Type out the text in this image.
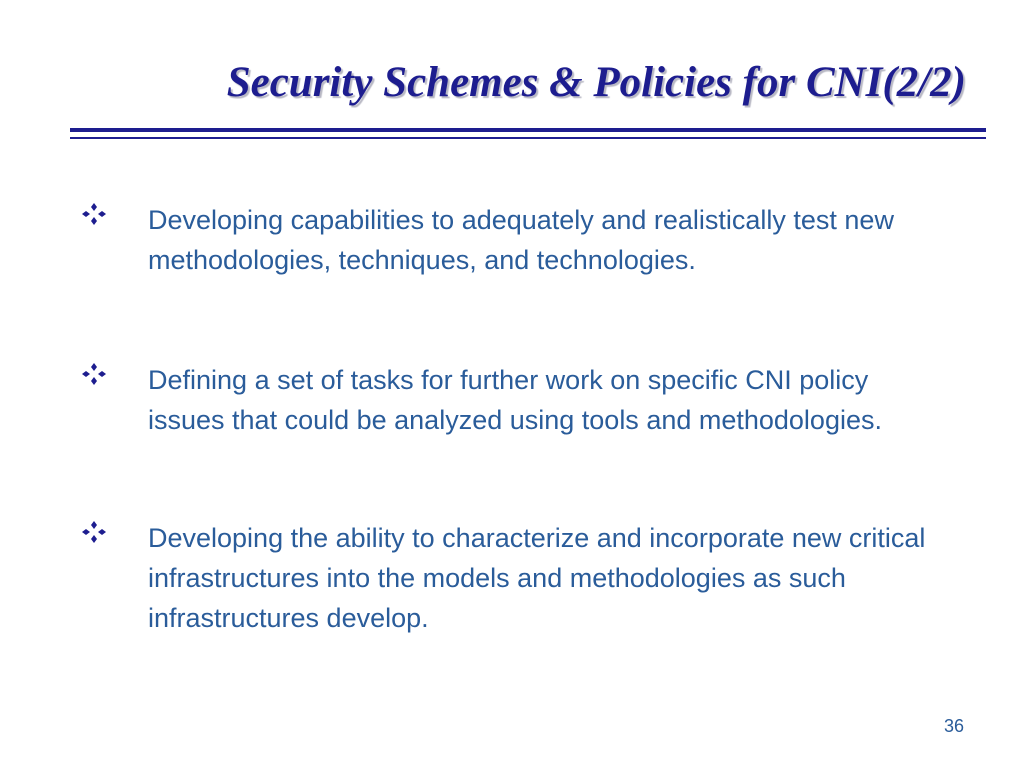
Security Schemes & Policies for CNI(2/2)
Developing capabilities to adequately and realistically test new methodologies, techniques, and technologies.
Defining a set of tasks for further work on specific CNI policy issues that could be analyzed using tools and methodologies.
Developing the ability to characterize and incorporate new critical infrastructures into the models and methodologies as such infrastructures develop.
36
